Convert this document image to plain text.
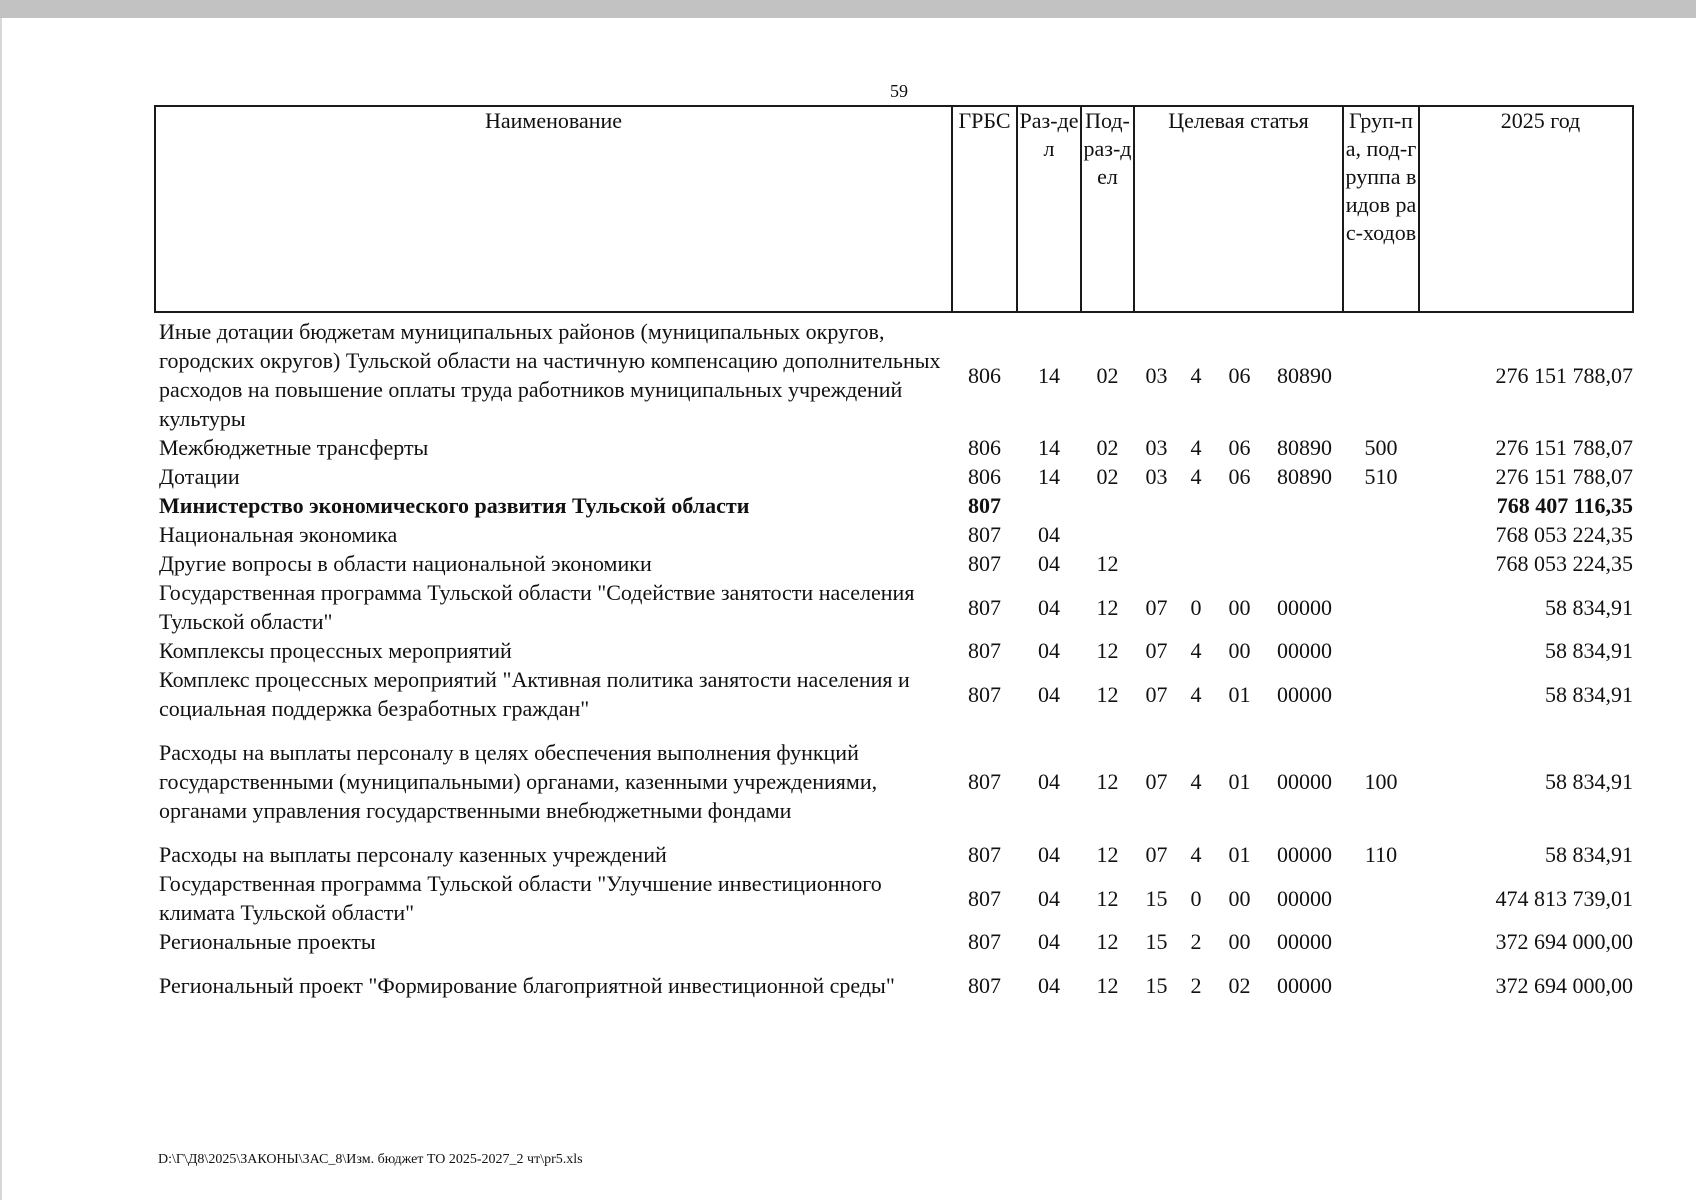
59
Наименование	ГРБС	Раз-дел	Под-раз-дел	Целевая статья				Груп-па, под-группа видов рас-ходов	2025 год
Иные дотации бюджетам муниципальных районов (муниципальных округов, городских округов) Тульской области на частичную компенсацию дополнительных расходов на повышение оплаты труда работников муниципальных учреждений культуры	806	14	02	03	4	06	80890		276 151 788,07
Межбюджетные трансферты	806	14	02	03	4	06	80890	500	276 151 788,07
Дотации	806	14	02	03	4	06	80890	510	276 151 788,07
Министерство экономического развития Тульской области	807								768 407 116,35
Национальная экономика	807	04							768 053 224,35
Другие вопросы в области национальной экономики	807	04	12						768 053 224,35
Государственная программа Тульской области "Содействие занятости населения Тульской области"	807	04	12	07	0	00	00000		58 834,91
Комплексы процессных мероприятий	807	04	12	07	4	00	00000		58 834,91
Комплекс процессных мероприятий "Активная политика занятости населения и социальная поддержка безработных граждан"	807	04	12	07	4	01	00000		58 834,91
Расходы на выплаты персоналу в целях обеспечения выполнения функций государственными (муниципальными) органами, казенными учреждениями, органами управления государственными внебюджетными фондами	807	04	12	07	4	01	00000	100	58 834,91
Расходы на выплаты персоналу казенных учреждений	807	04	12	07	4	01	00000	110	58 834,91
Государственная программа Тульской области "Улучшение инвестиционного климата Тульской области"	807	04	12	15	0	00	00000		474 813 739,01
Региональные проекты	807	04	12	15	2	00	00000		372 694 000,00
Региональный проект "Формирование благоприятной инвестиционной среды"	807	04	12	15	2	02	00000		372 694 000,00
D:\Г\Д8\2025\ЗАКОНЫ\ЗАС_8\Изм. бюджет ТО 2025-2027_2 чт\pr5.xls
